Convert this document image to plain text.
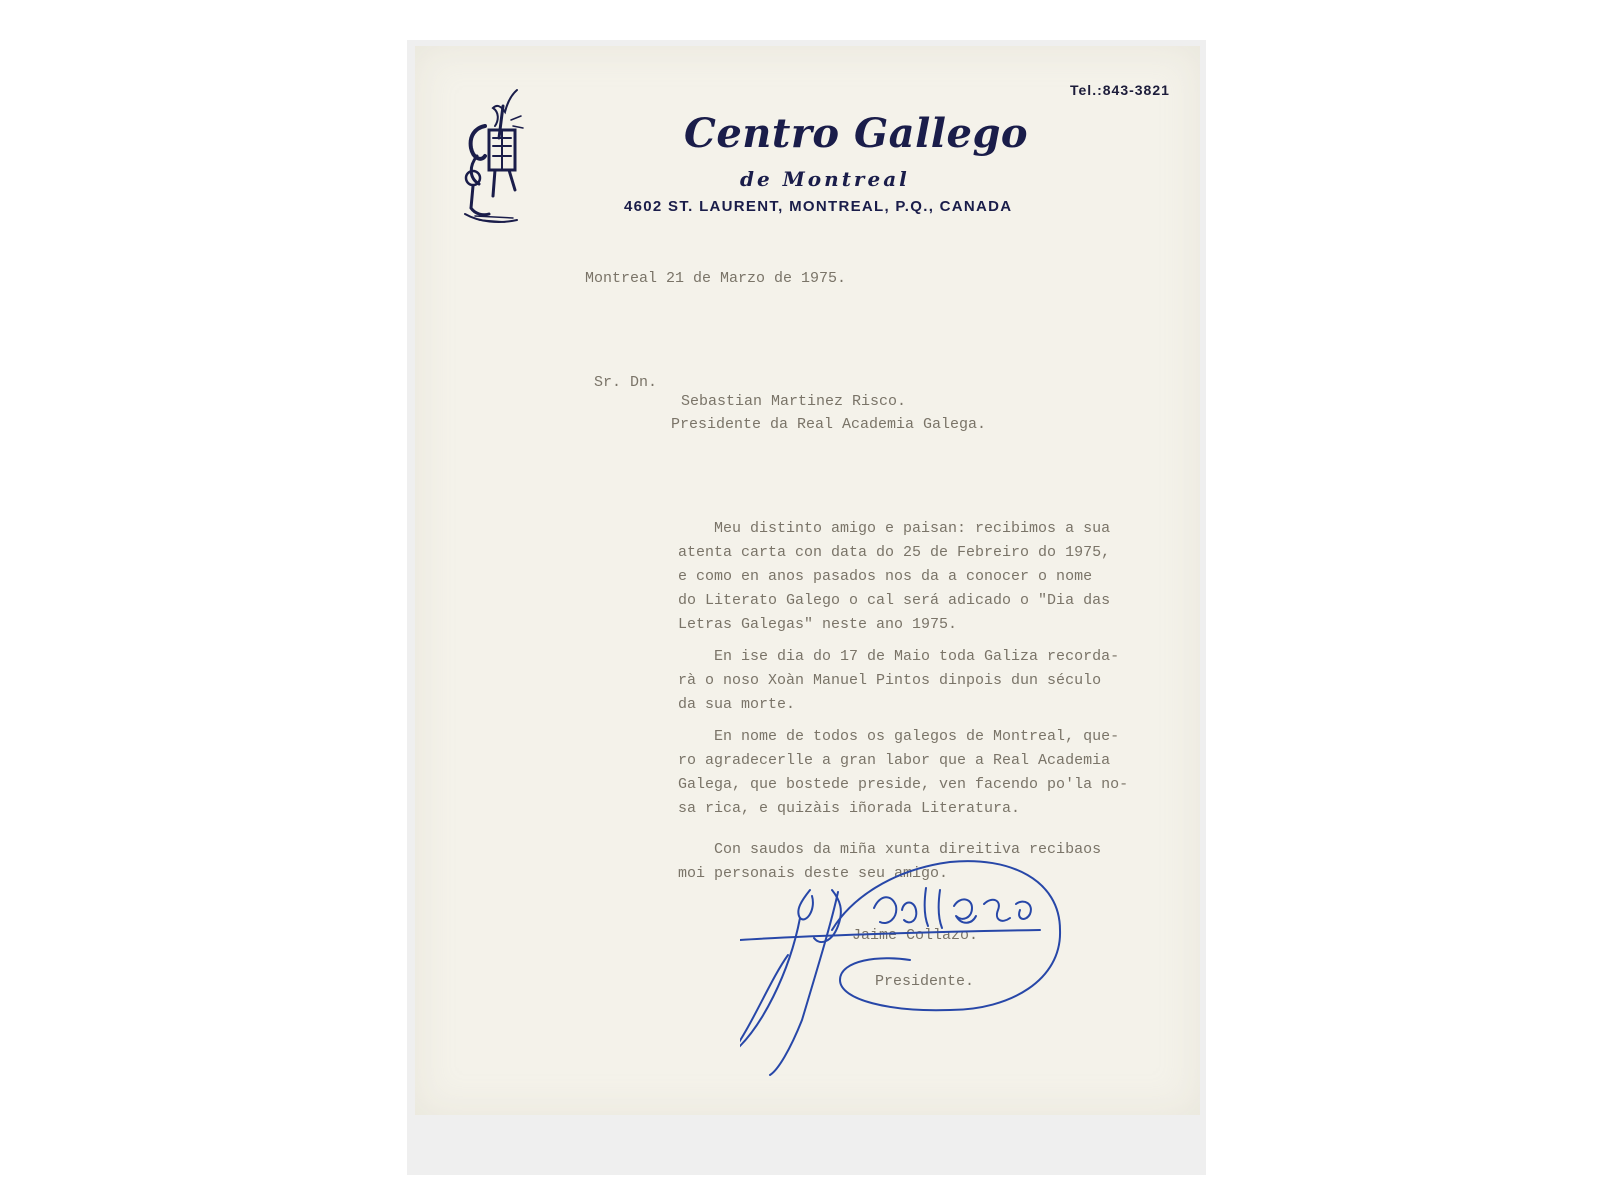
Tel.:843-3821
Centro Gallego
de Montreal
4602 ST. LAURENT, MONTREAL, P.Q., CANADA
Montreal 21 de Marzo de 1975.
Sr. Dn.
Sebastian Martinez Risco.
Presidente da Real Academia Galega.
Meu distinto amigo e paisan: recibimos a sua
atenta carta con data do 25 de Febreiro do 1975,
e como en anos pasados nos da a conocer o nome
do Literato Galego o cal será adicado o "Dia das
Letras Galegas" neste ano 1975.
En ise dia do 17 de Maio toda Galiza recorda-
rà o noso Xoàn Manuel Pintos dinpois dun século
da sua morte.
En nome de todos os galegos de Montreal, que-
ro agradecerlle a gran labor que a Real Academia
Galega, que bostede preside, ven facendo po'la no-
sa rica, e quizàis iñorada Literatura.
Con saudos da miña xunta direitiva recibaos
moi personais deste seu amigo.
Jaime Collazo.
Presidente.
